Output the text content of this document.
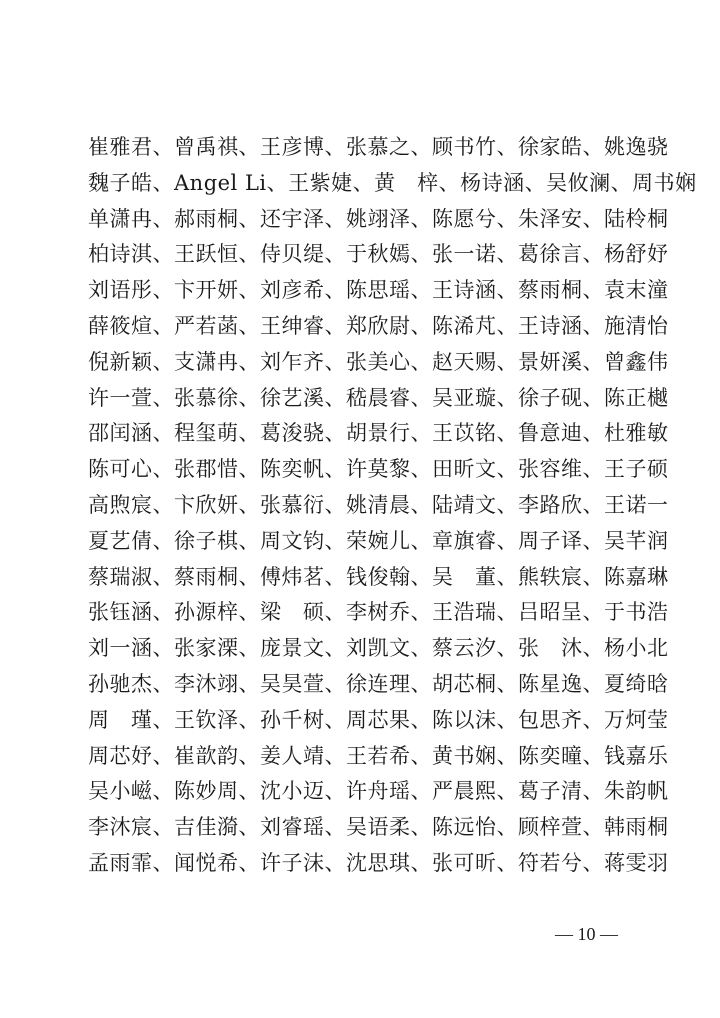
崔雅君、曾禹祺、王彦博、张慕之、顾书竹、徐家皓、姚逸骁
魏子皓、Angel Li、王紫婕、黄　梓、杨诗涵、吴攸澜、周书娴
单潇冉、郝雨桐、还宇泽、姚翊泽、陈愿兮、朱泽安、陆柃桐
柏诗淇、王跃恒、侍贝缇、于秋嫣、张一诺、葛徐言、杨舒妤
刘语彤、卞开妍、刘彦希、陈思瑶、王诗涵、蔡雨桐、袁末潼
薛筱煊、严若菡、王绅睿、郑欣尉、陈浠芃、王诗涵、施清怡
倪新颖、支潇冉、刘乍齐、张美心、赵天赐、景妍溪、曾鑫伟
许一萱、张慕徐、徐艺溪、嵇晨睿、吴亚璇、徐子砚、陈正樾
邵闰涵、程玺萌、葛浚骁、胡景行、王苡铭、鲁意迪、杜雅敏
陈可心、张郡惜、陈奕帆、许莫黎、田昕文、张容维、王子硕
高煦宸、卞欣妍、张慕衍、姚清晨、陆靖文、李路欣、王诺一
夏艺倩、徐子棋、周文钧、荣婉儿、章旗睿、周子译、吴芊润
蔡瑞淑、蔡雨桐、傅炜茗、钱俊翰、吴　董、熊轶宸、陈嘉琳
张钰涵、孙源梓、梁　硕、李树乔、王浩瑞、吕昭呈、于书浩
刘一涵、张家溧、庞景文、刘凯文、蔡云汐、张　沐、杨小北
孙驰杰、李沐翊、吴昊萱、徐连理、胡芯桐、陈星逸、夏绮晗
周　瑾、王钦泽、孙千树、周芯果、陈以沫、包思齐、万炣莹
周芯妤、崔歆韵、姜人靖、王若希、黄书娴、陈奕曈、钱嘉乐
吴小嵫、陈妙周、沈小迈、许舟瑶、严晨熙、葛子清、朱韵帆
李沐宸、吉佳漪、刘睿瑶、吴语柔、陈远怡、顾梓萱、韩雨桐
孟雨霏、闻悦希、许子沫、沈思琪、张可昕、符若兮、蒋雯羽
— 10 —
